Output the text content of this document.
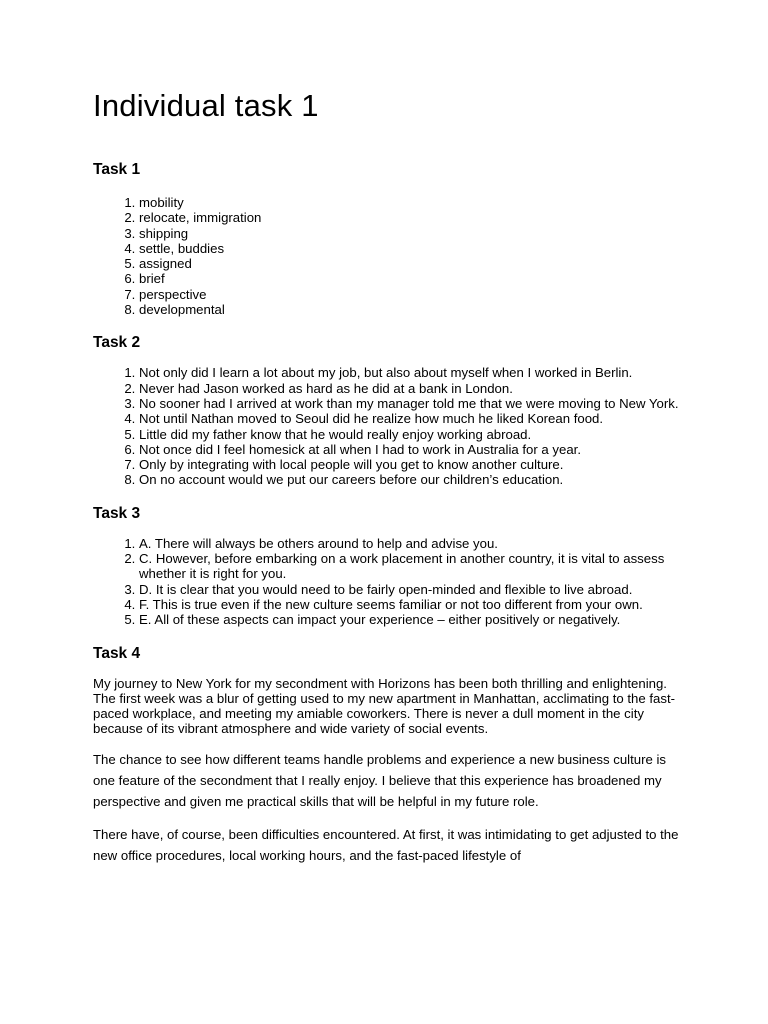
Individual task 1
Task 1
1. mobility
2. relocate, immigration
3. shipping
4. settle, buddies
5. assigned
6. brief
7. perspective
8. developmental
Task 2
1. Not only did I learn a lot about my job, but also about myself when I worked in Berlin.
2. Never had Jason worked as hard as he did at a bank in London.
3. No sooner had I arrived at work than my manager told me that we were moving to New York.
4. Not until Nathan moved to Seoul did he realize how much he liked Korean food.
5. Little did my father know that he would really enjoy working abroad.
6. Not once did I feel homesick at all when I had to work in Australia for a year.
7. Only by integrating with local people will you get to know another culture.
8. On no account would we put our careers before our children’s education.
Task 3
1. A. There will always be others around to help and advise you.
2. C. However, before embarking on a work placement in another country, it is vital to assess whether it is right for you.
3. D. It is clear that you would need to be fairly open-minded and flexible to live abroad.
4. F. This is true even if the new culture seems familiar or not too different from your own.
5. E. All of these aspects can impact your experience – either positively or negatively.
Task 4

My journey to New York for my secondment with Horizons has been both thrilling and enlightening. The first week was a blur of getting used to my new apartment in Manhattan, acclimating to the fast-paced workplace, and meeting my amiable coworkers. There is never a dull moment in the city because of its vibrant atmosphere and wide variety of social events.

The chance to see how different teams handle problems and experience a new business culture is one feature of the secondment that I really enjoy. I believe that this experience has broadened my perspective and given me practical skills that will be helpful in my future role.

There have, of course, been difficulties encountered. At first, it was intimidating to get adjusted to the new office procedures, local working hours, and the fast-paced lifestyle of
